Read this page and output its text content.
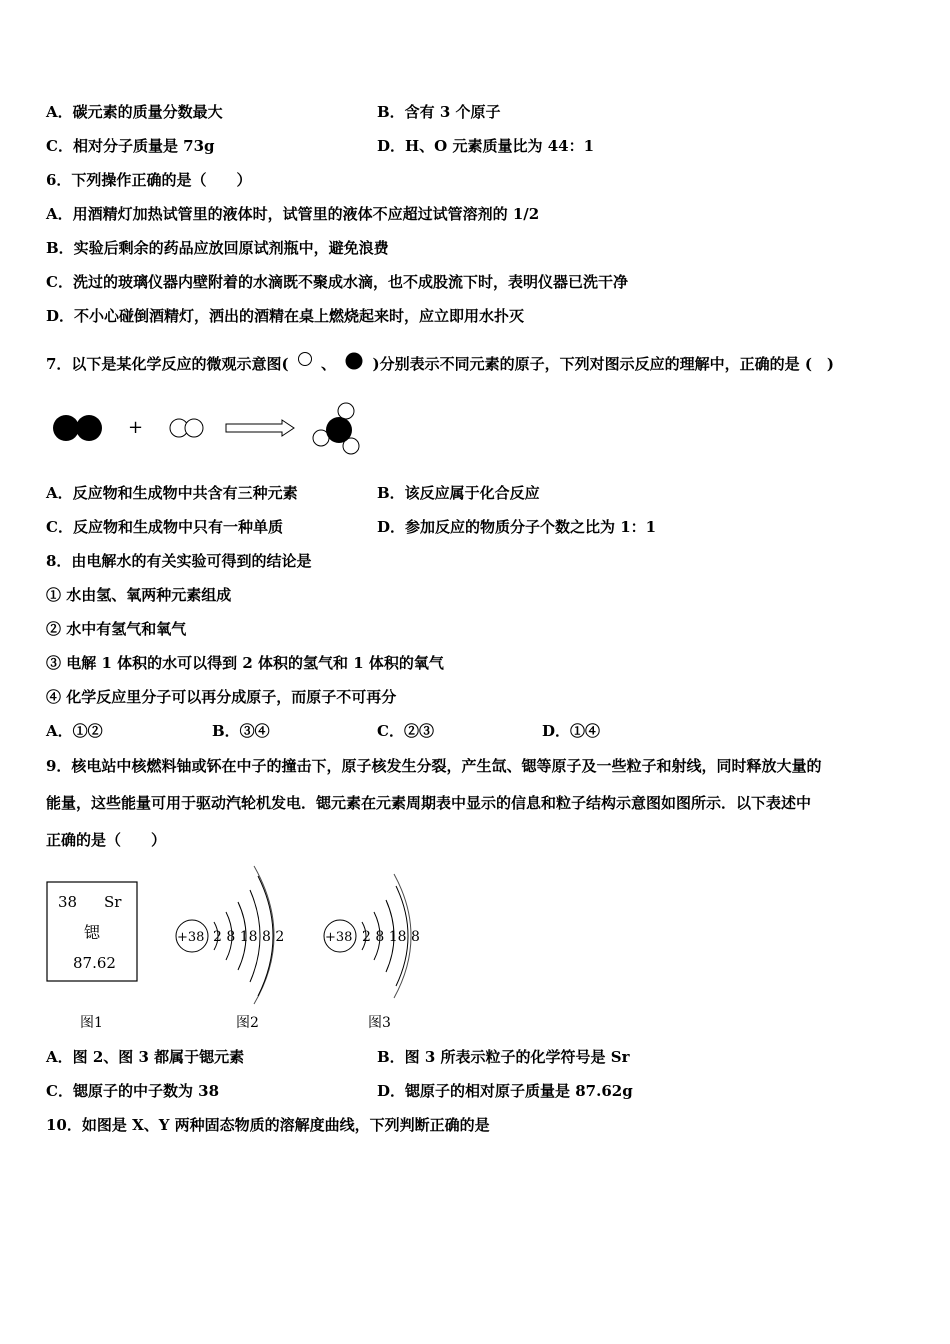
A．碳元素的质量分数最大	B．含有 3 个原子
C．相对分子质量是 73g	D．H、O 元素质量比为 44：1
6．下列操作正确的是（　　）
A．用酒精灯加热试管里的液体时，试管里的液体不应超过试管溶剂的 1/2
B．实验后剩余的药品应放回原试剂瓶中，避免浪费
C．洗过的玻璃仪器内壁附着的水滴既不聚成水滴，也不成股流下时，表明仪器已洗干净
D．不小心碰倒酒精灯，洒出的酒精在桌上燃烧起来时，应立即用水扑灭
7．以下是某化学反应的微观示意图( 、 )分别表示不同元素的原子，下列对图示反应的理解中，正确的是 (　)
+
A．反应物和生成物中共含有三种元素	B．该反应属于化合反应
C．反应物和生成物中只有一种单质	D．参加反应的物质分子个数之比为 1：1
8．由电解水的有关实验可得到的结论是
① 水由氢、氧两种元素组成
② 水中有氢气和氧气
③ 电解 1 体积的水可以得到 2 体积的氢气和 1 体积的氧气
④ 化学反应里分子可以再分成原子，而原子不可再分
A．①②	B．③④	C．②③	D．①④
9．核电站中核燃料铀或钚在中子的撞击下，原子核发生分裂，产生氙、锶等原子及一些粒子和射线，同时释放大量的
能量，这些能量可用于驱动汽轮机发电．锶元素在元素周期表中显示的信息和粒子结构示意图如图所示．以下表述中
正确的是（　　）
38 Sr
锶
87.62
+38 2 8 18 8 2	+38 2 8 18 8
图1	图2	图3
A．图 2、图 3 都属于锶元素	B．图 3 所表示粒子的化学符号是 Sr
C．锶原子的中子数为 38	D．锶原子的相对原子质量是 87.62g
10．如图是 X、Y 两种固态物质的溶解度曲线，下列判断正确的是
